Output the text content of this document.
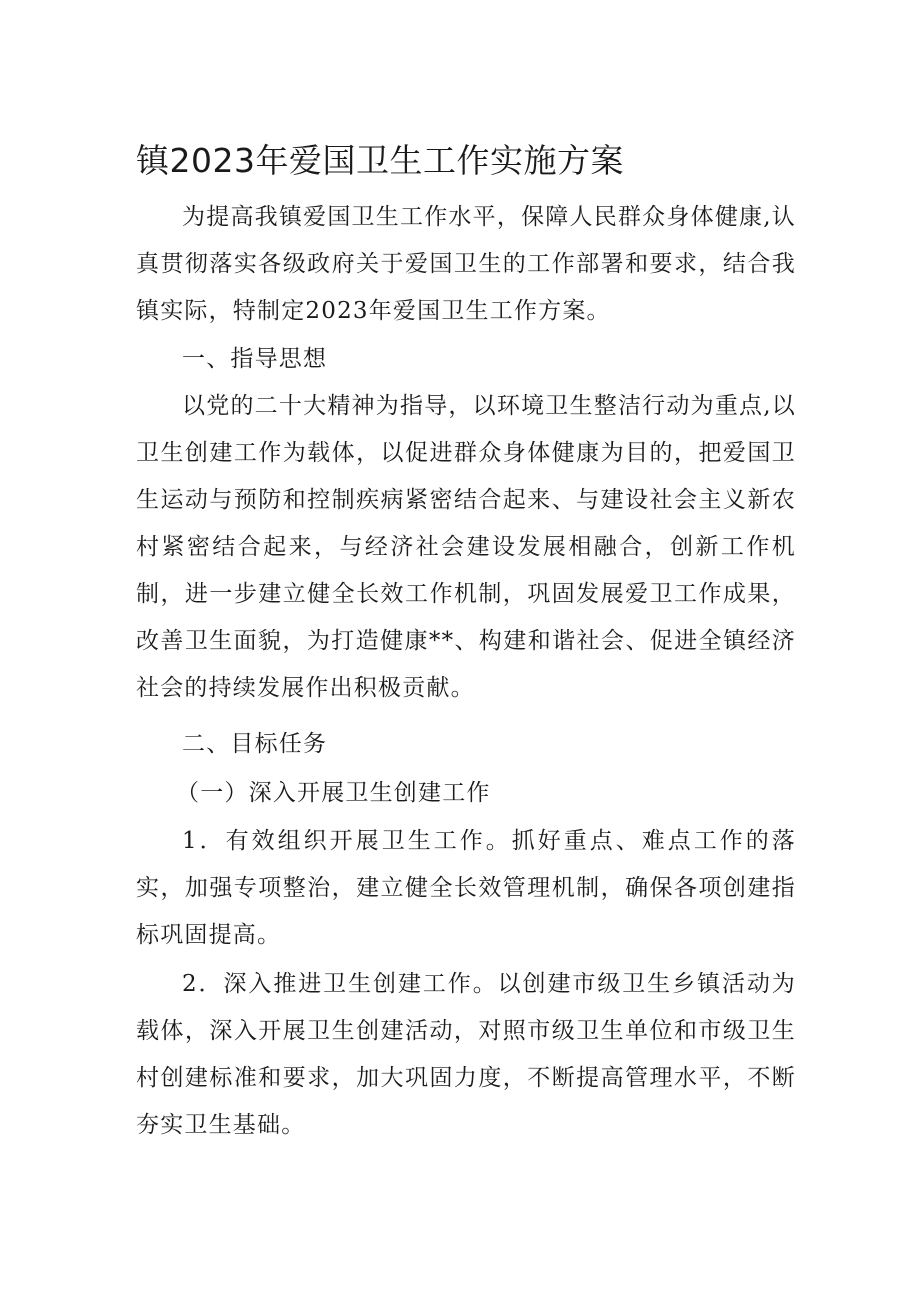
镇2023年爱国卫生工作实施方案

为提高我镇爱国卫生工作水平，保障人民群众身体健康,认真贯彻落实各级政府关于爱国卫生的工作部署和要求，结合我镇实际，特制定2023年爱国卫生工作方案。

一、指导思想

以党的二十大精神为指导，以环境卫生整洁行动为重点,以卫生创建工作为载体，以促进群众身体健康为目的，把爱国卫生运动与预防和控制疾病紧密结合起来、与建设社会主义新农村紧密结合起来，与经济社会建设发展相融合，创新工作机制，进一步建立健全长效工作机制，巩固发展爱卫工作成果，改善卫生面貌，为打造健康**、构建和谐社会、促进全镇经济社会的持续发展作出积极贡献。

二、目标任务

（一）深入开展卫生创建工作

1．有效组织开展卫生工作。抓好重点、难点工作的落实，加强专项整治，建立健全长效管理机制，确保各项创建指标巩固提高。

2．深入推进卫生创建工作。以创建市级卫生乡镇活动为载体，深入开展卫生创建活动，对照市级卫生单位和市级卫生村创建标准和要求，加大巩固力度，不断提高管理水平，不断夯实卫生基础。
